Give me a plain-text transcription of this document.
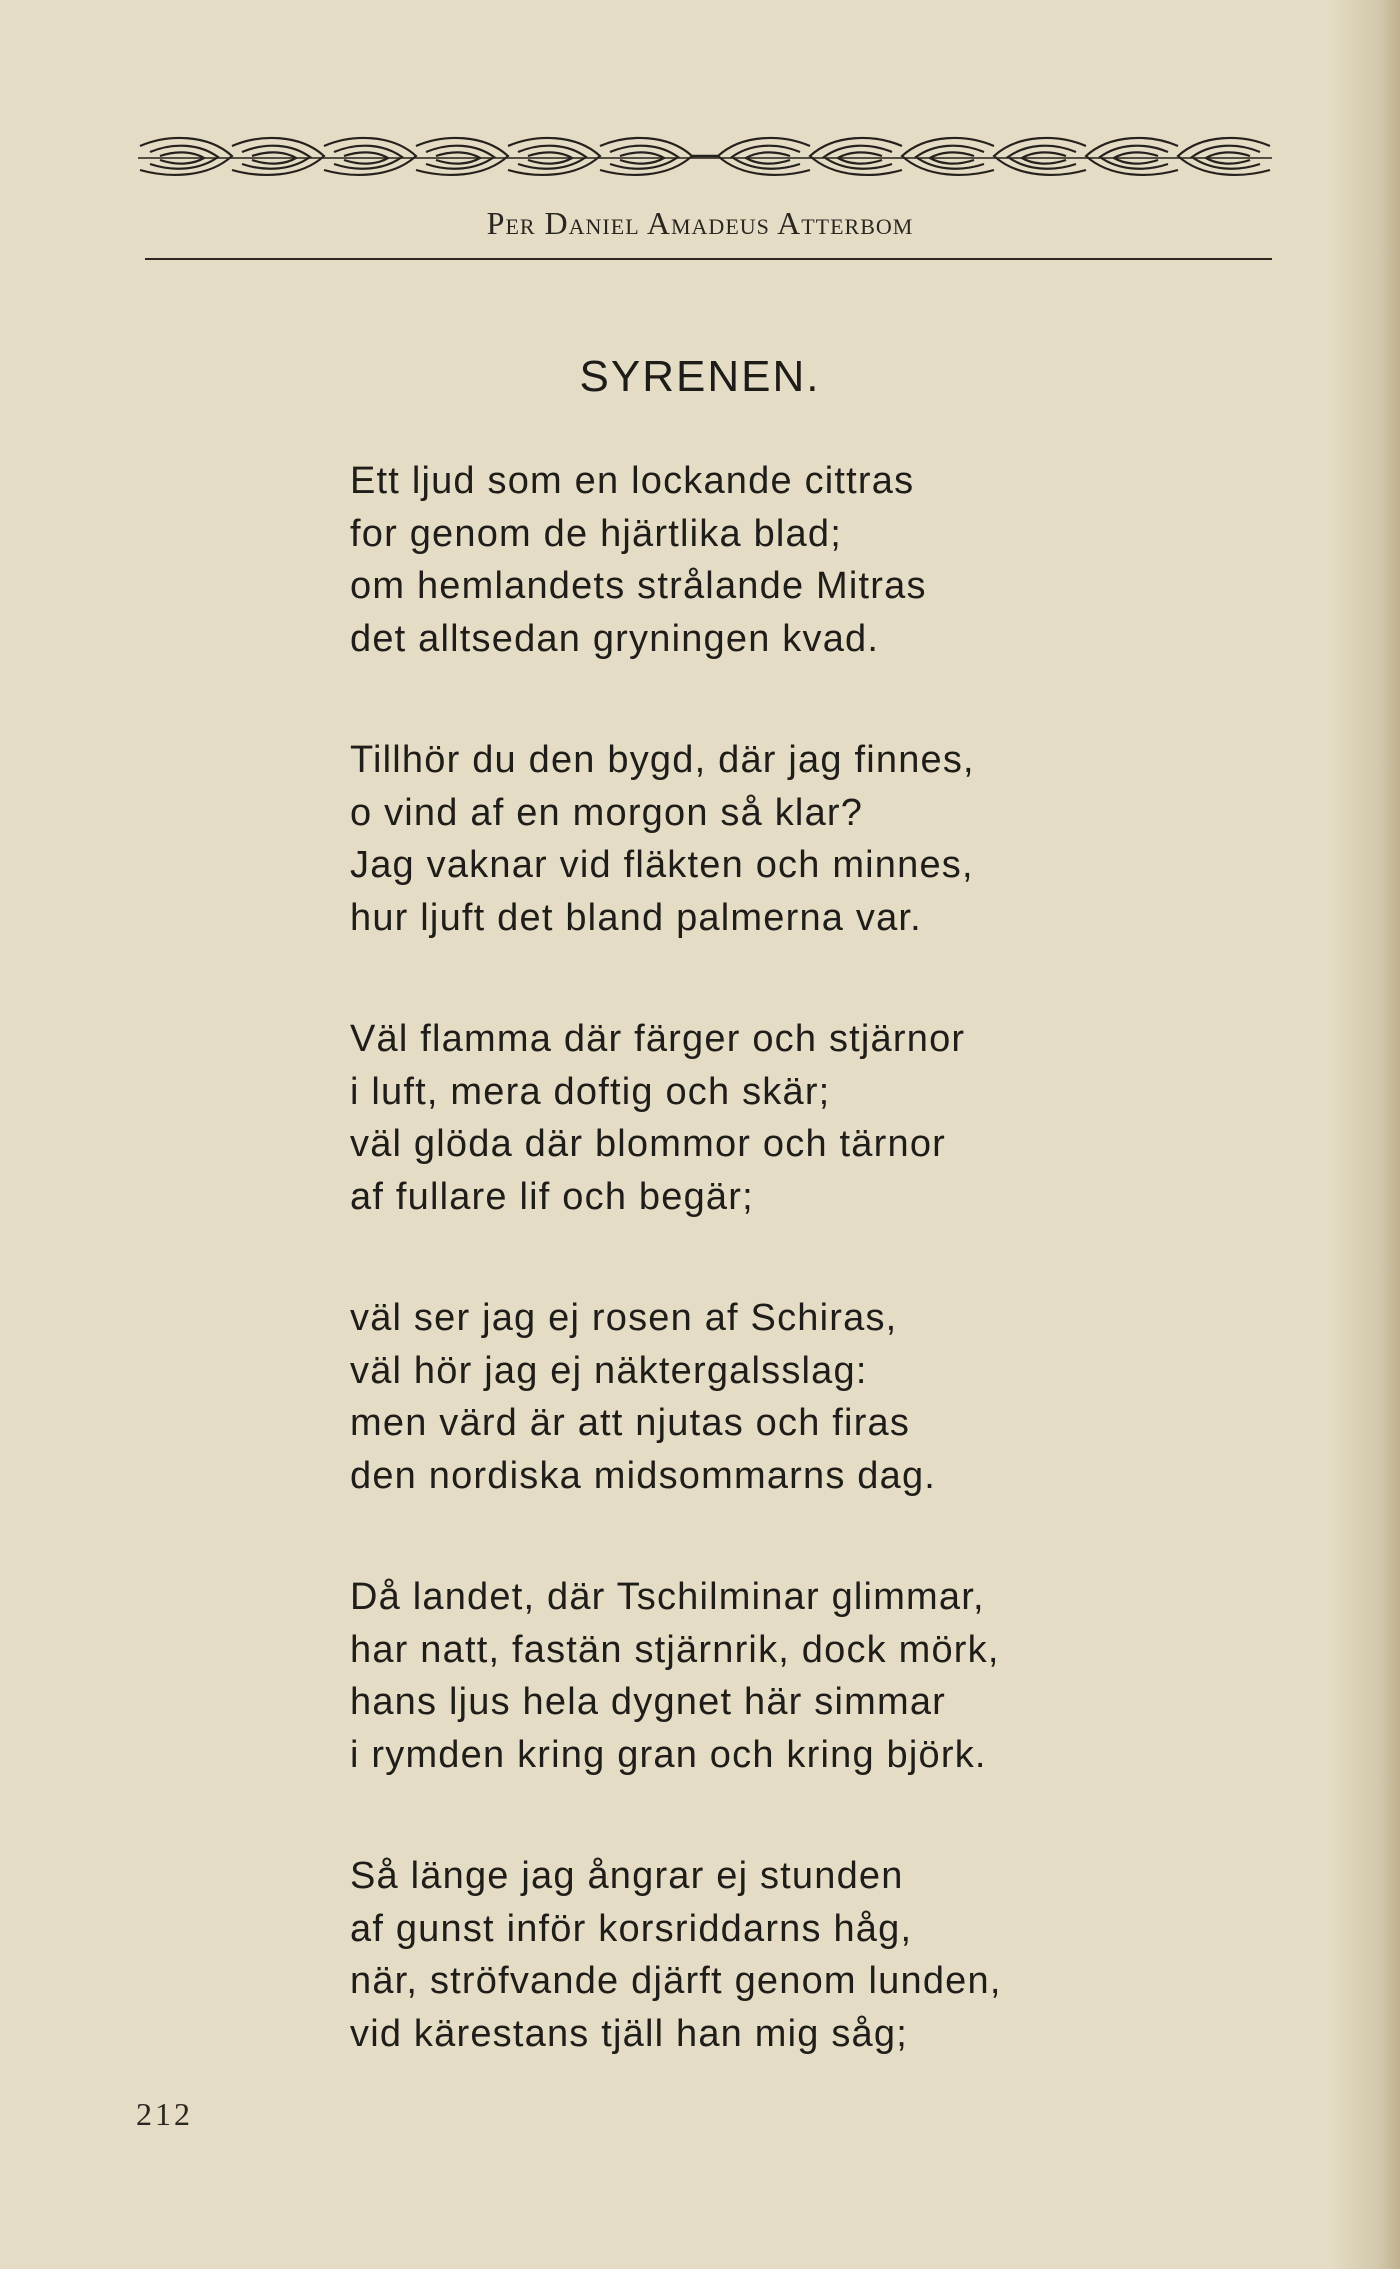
Per Daniel Amadeus Atterbom
SYRENEN.
Ett ljud som en lockande cittras
for genom de hjärtlika blad;
om hemlandets strålande Mitras
det alltsedan gryningen kvad.
Tillhör du den bygd, där jag finnes,
o vind af en morgon så klar?
Jag vaknar vid fläkten och minnes,
hur ljuft det bland palmerna var.
Väl flamma där färger och stjärnor
i luft, mera doftig och skär;
väl glöda där blommor och tärnor
af fullare lif och begär;
väl ser jag ej rosen af Schiras,
väl hör jag ej näktergalsslag:
men värd är att njutas och firas
den nordiska midsommarns dag.
Då landet, där Tschilminar glimmar,
har natt, fastän stjärnrik, dock mörk,
hans ljus hela dygnet här simmar
i rymden kring gran och kring björk.
Så länge jag ångrar ej stunden
af gunst inför korsriddarns håg,
när, ströfvande djärft genom lunden,
vid kärestans tjäll han mig såg;
212
